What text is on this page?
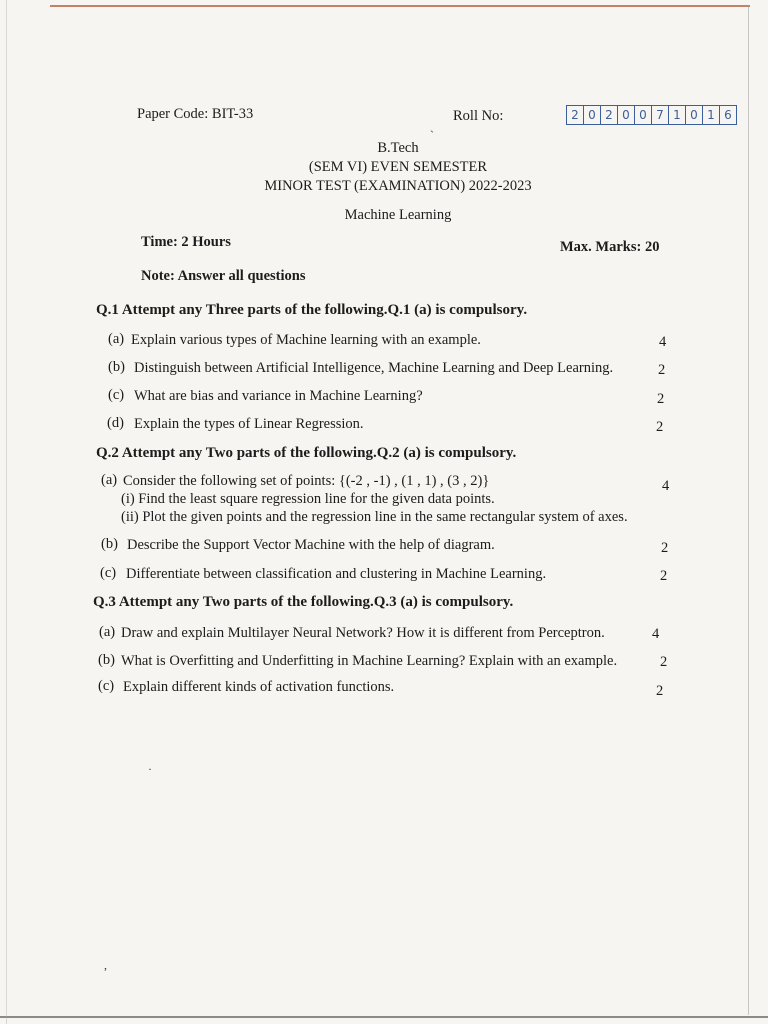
Paper Code: BIT-33	Roll No:	2 0 2 0 0 7 1 0 1 6
B.Tech
(SEM VI) EVEN SEMESTER
MINOR TEST (EXAMINATION) 2022-2023
Machine Learning
Time: 2 Hours	Max. Marks: 20
Note: Answer all questions
Q.1 Attempt any Three parts of the following.Q.1 (a) is compulsory.
(a) Explain various types of Machine learning with an example.	4
(b) Distinguish between Artificial Intelligence, Machine Learning and Deep Learning.	2
(c) What are bias and variance in Machine Learning?	2
(d) Explain the types of Linear Regression.	2
Q.2 Attempt any Two parts of the following.Q.2 (a) is compulsory.
(a) Consider the following set of points: {(-2 , -1) , (1 , 1) , (3 , 2)}	4
(i) Find the least square regression line for the given data points.
(ii) Plot the given points and the regression line in the same rectangular system of axes.
(b) Describe the Support Vector Machine with the help of diagram.	2
(c) Differentiate between classification and clustering in Machine Learning.	2
Q.3 Attempt any Two parts of the following.Q.3 (a) is compulsory.
(a) Draw and explain Multilayer Neural Network? How it is different from Perceptron.	4
(b) What is Overfitting and Underfitting in Machine Learning? Explain with an example.	2
(c) Explain different kinds of activation functions.	2
ˋ
,
·
